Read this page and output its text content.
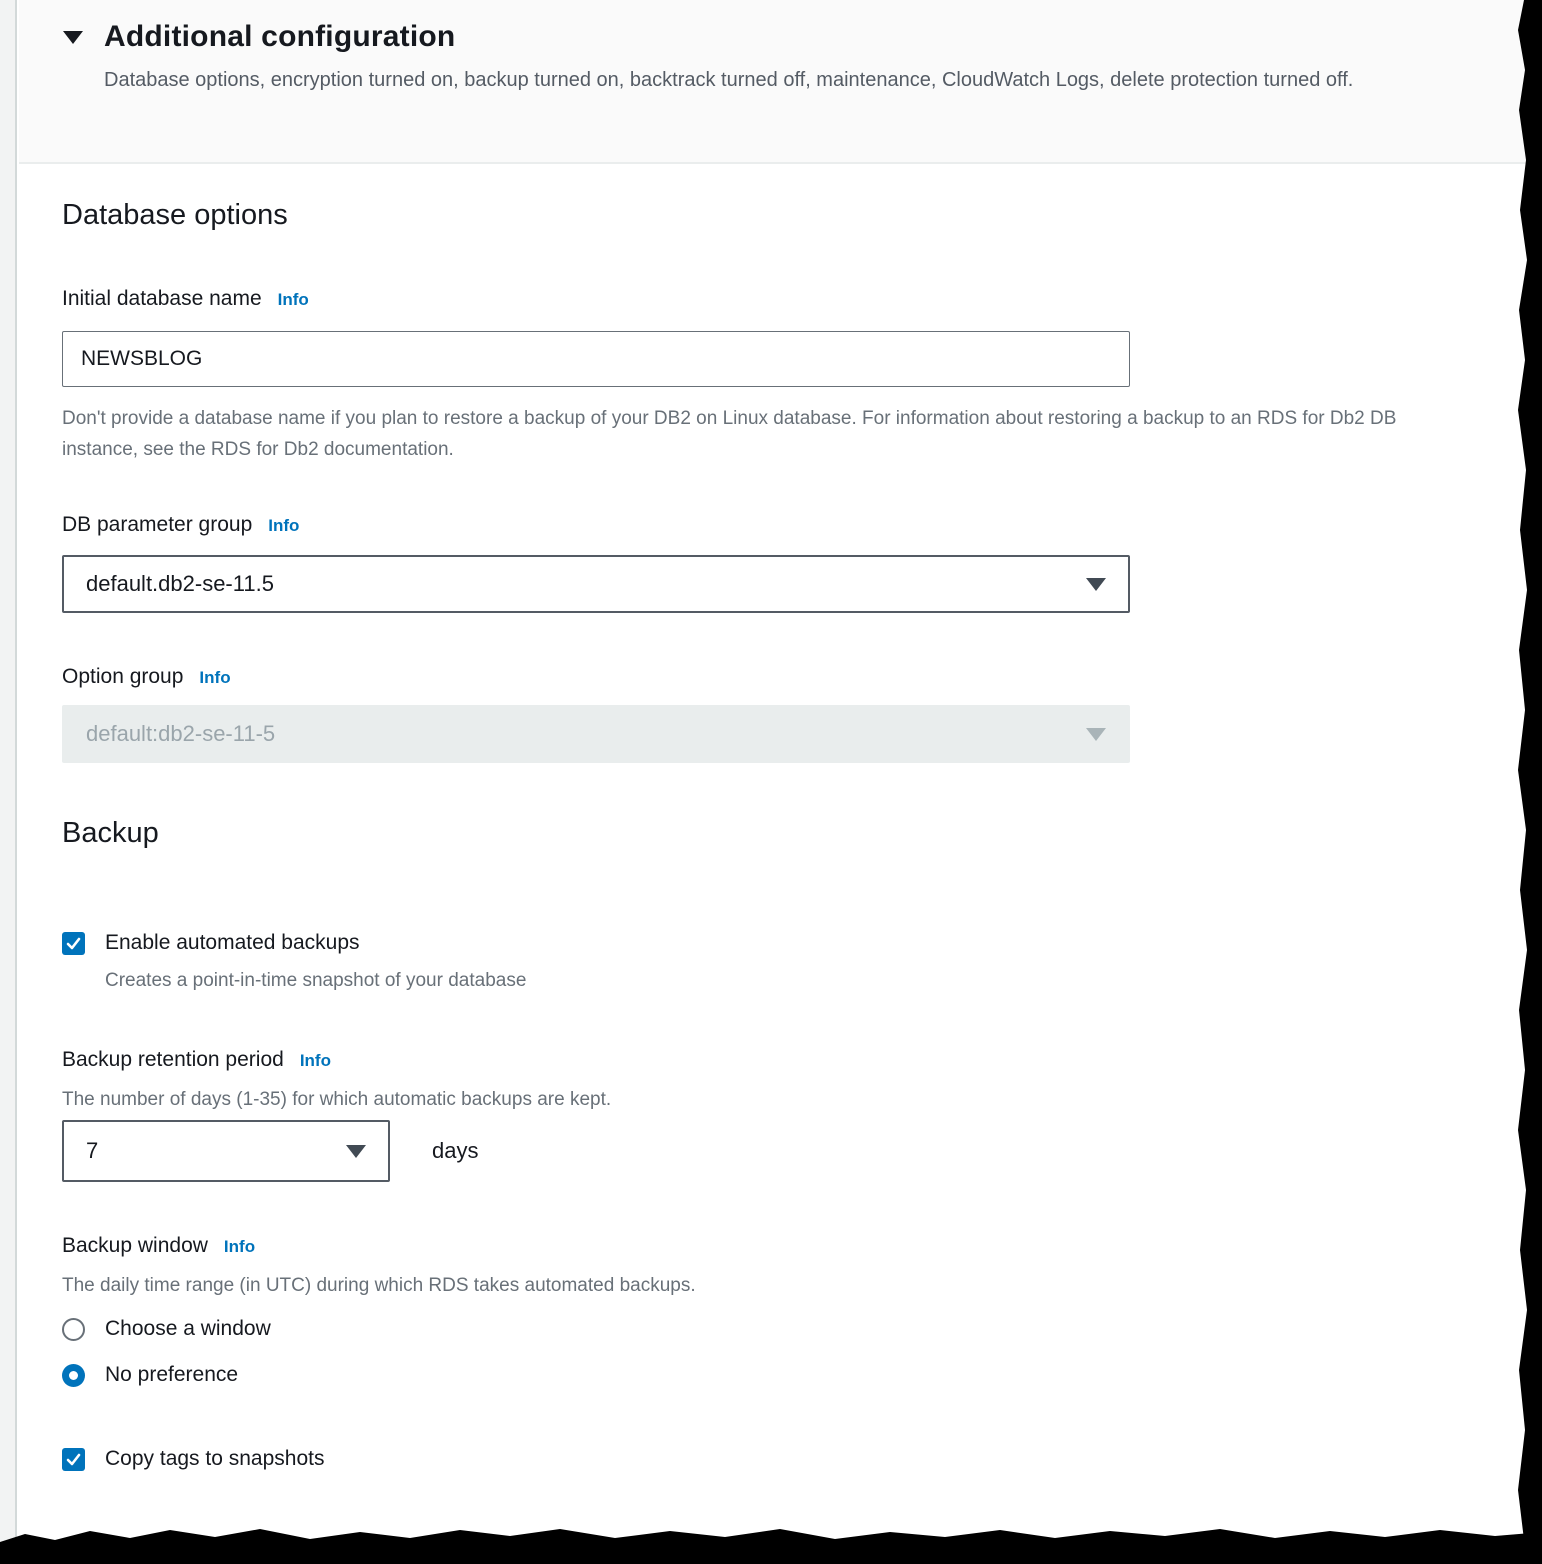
Additional configuration

Database options, encryption turned on, backup turned on, backtrack turned off, maintenance, CloudWatch Logs, delete protection turned off.

Database options
Initial database name Info
NEWSBLOG

Don't provide a database name if you plan to restore a backup of your DB2 on Linux database. For information about restoring a backup to an RDS for Db2 DB instance, see the RDS for Db2 documentation.

DB parameter group Info
default.db2-se-11.5
Option group Info
default:db2-se-11-5
Backup
Enable automated backups

Creates a point-in-time snapshot of your database

Backup retention period Info

The number of days (1-35) for which automatic backups are kept.

7	days
Backup window Info

The daily time range (in UTC) during which RDS takes automated backups.

Choose a window
No preference
Copy tags to snapshots
